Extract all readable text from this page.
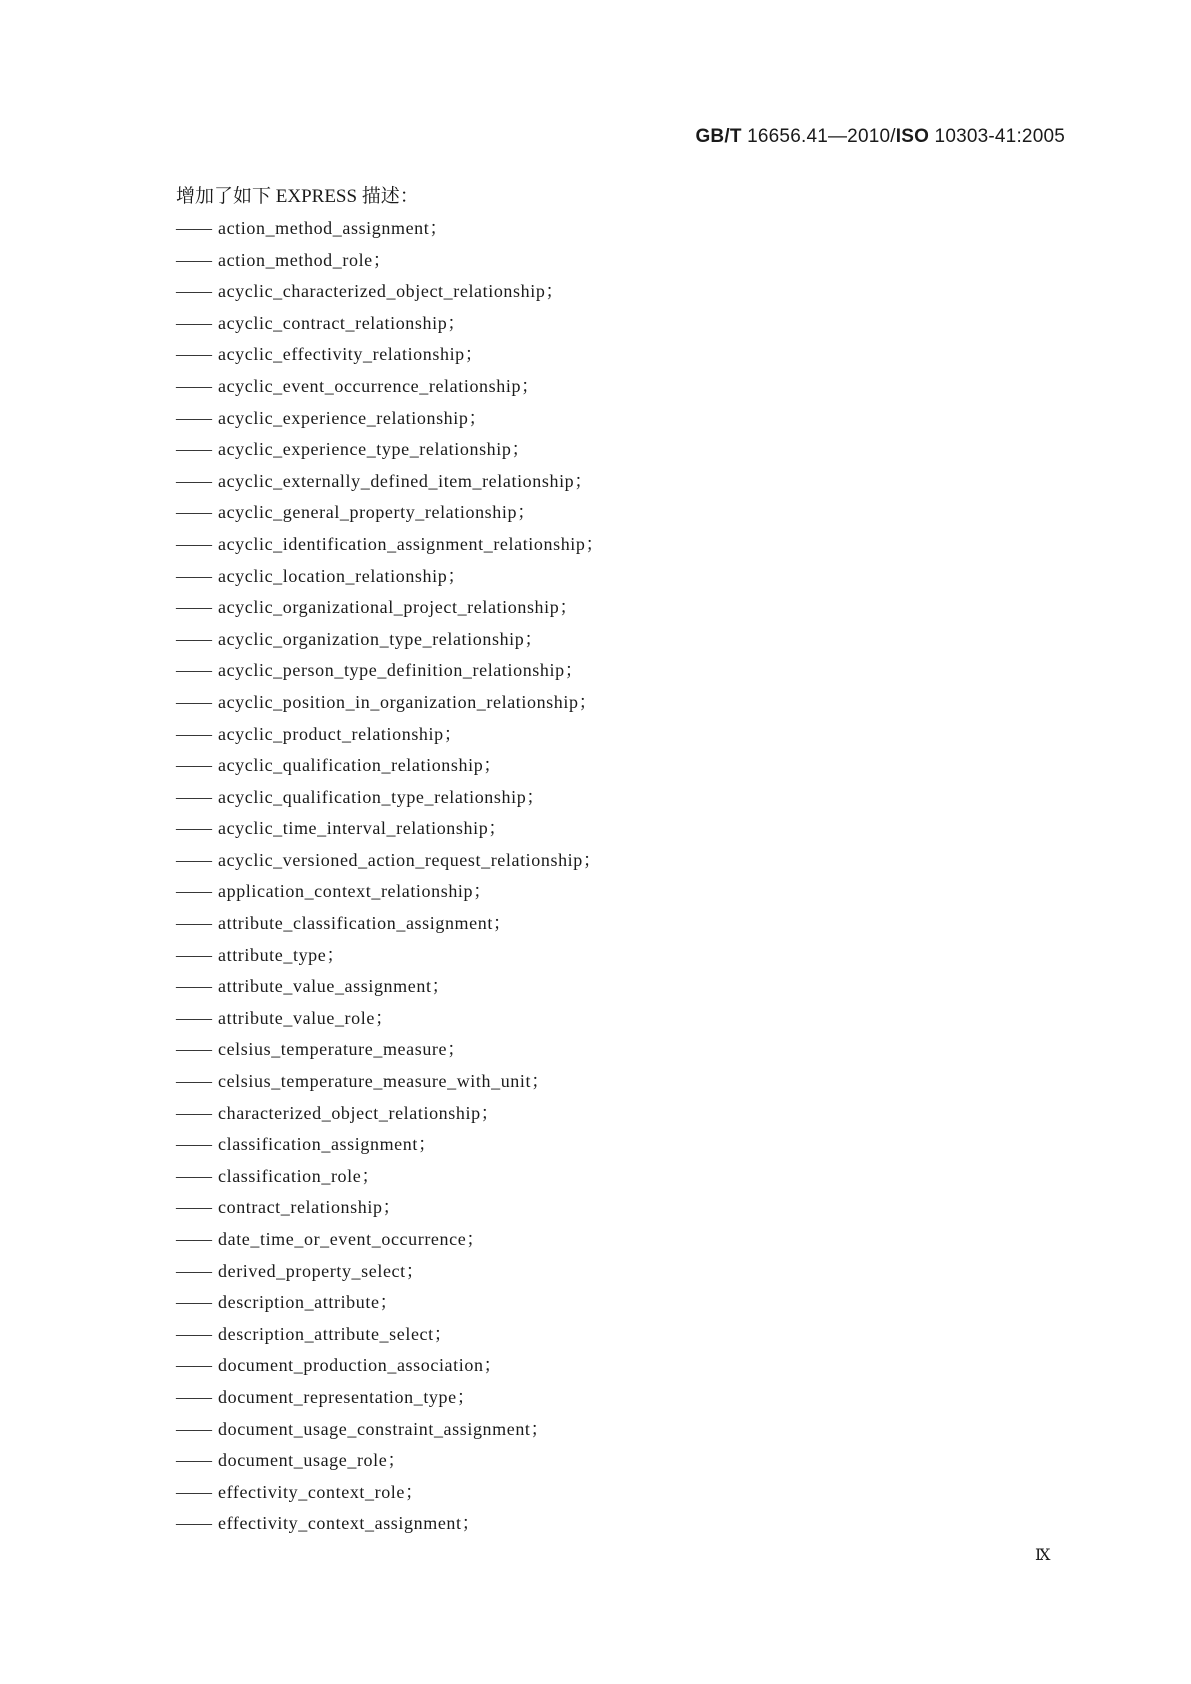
GB/T 16656.41—2010/ISO 10303-41:2005
增加了如下 EXPRESS 描述：
—— action_method_assignment；
—— action_method_role；
—— acyclic_characterized_object_relationship；
—— acyclic_contract_relationship；
—— acyclic_effectivity_relationship；
—— acyclic_event_occurrence_relationship；
—— acyclic_experience_relationship；
—— acyclic_experience_type_relationship；
—— acyclic_externally_defined_item_relationship；
—— acyclic_general_property_relationship；
—— acyclic_identification_assignment_relationship；
—— acyclic_location_relationship；
—— acyclic_organizational_project_relationship；
—— acyclic_organization_type_relationship；
—— acyclic_person_type_definition_relationship；
—— acyclic_position_in_organization_relationship；
—— acyclic_product_relationship；
—— acyclic_qualification_relationship；
—— acyclic_qualification_type_relationship；
—— acyclic_time_interval_relationship；
—— acyclic_versioned_action_request_relationship；
—— application_context_relationship；
—— attribute_classification_assignment；
—— attribute_type；
—— attribute_value_assignment；
—— attribute_value_role；
—— celsius_temperature_measure；
—— celsius_temperature_measure_with_unit；
—— characterized_object_relationship；
—— classification_assignment；
—— classification_role；
—— contract_relationship；
—— date_time_or_event_occurrence；
—— derived_property_select；
—— description_attribute；
—— description_attribute_select；
—— document_production_association；
—— document_representation_type；
—— document_usage_constraint_assignment；
—— document_usage_role；
—— effectivity_context_role；
—— effectivity_context_assignment；
Ⅸ
